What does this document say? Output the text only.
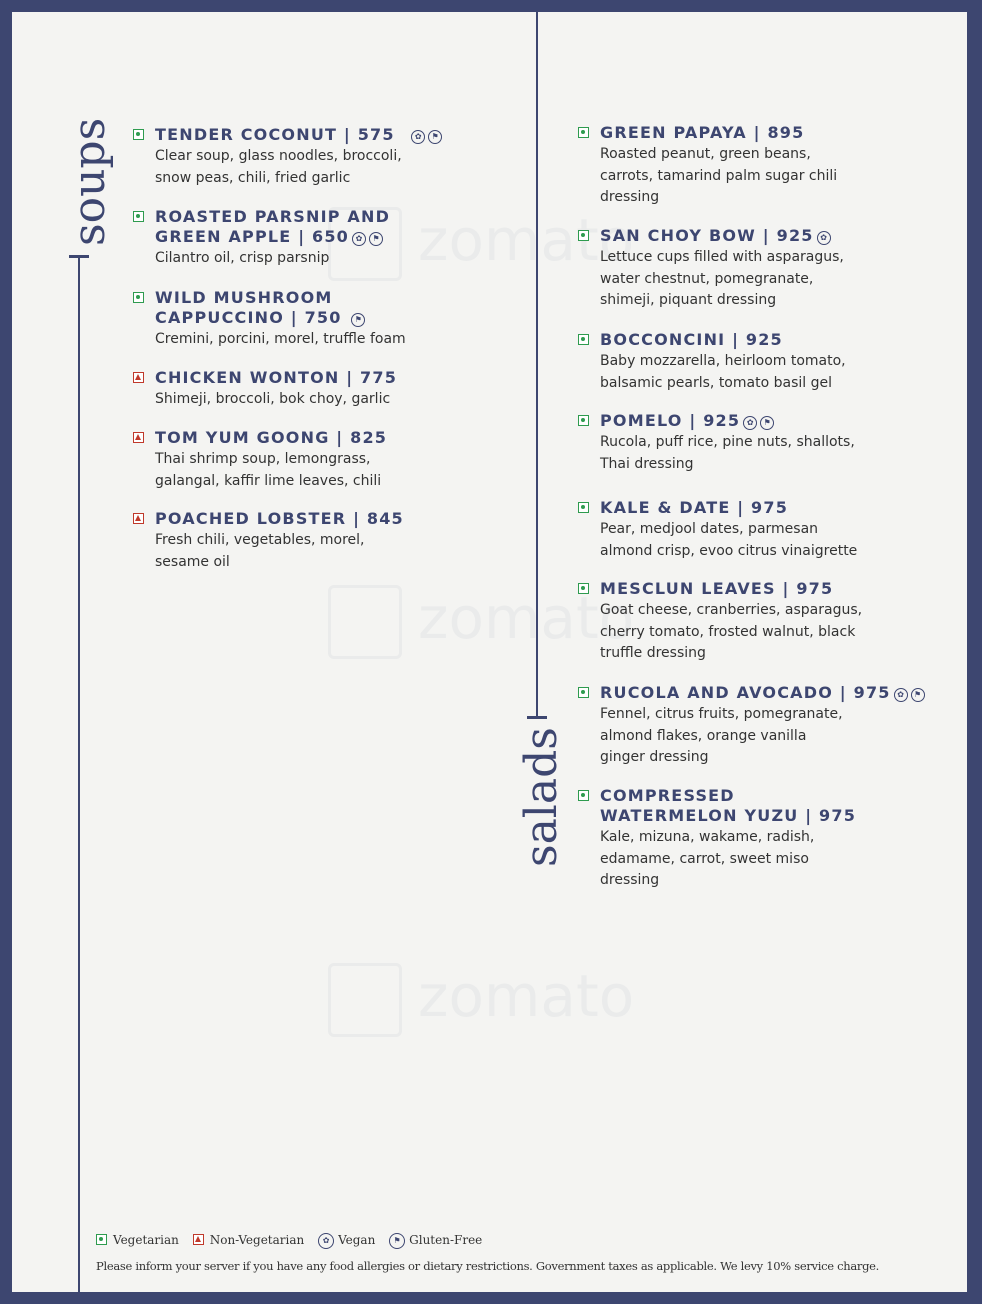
zomato
zomato
zomato
soups
salads
TENDER COCONUT | 575	✿ ⚑
Clear soup, glass noodles, broccoli,
snow peas, chili, fried garlic
ROASTED PARSNIP AND
GREEN APPLE | 650 ✿ ⚑
Cilantro oil, crisp parsnip
WILD MUSHROOM
CAPPUCCINO | 750 ⚑
Cremini, porcini, morel, truffle foam
CHICKEN WONTON | 775
Shimeji, broccoli, bok choy, garlic
TOM YUM GOONG | 825
Thai shrimp soup, lemongrass,
galangal, kaffir lime leaves, chili
POACHED LOBSTER | 845
Fresh chili, vegetables, morel,
sesame oil
GREEN PAPAYA | 895
Roasted peanut, green beans,
carrots, tamarind palm sugar chili
dressing
SAN CHOY BOW | 925 ✿
Lettuce cups filled with asparagus,
water chestnut, pomegranate,
shimeji, piquant dressing
BOCCONCINI | 925
Baby mozzarella, heirloom tomato,
balsamic pearls, tomato basil gel
POMELO | 925 ✿ ⚑
Rucola, puff rice, pine nuts, shallots,
Thai dressing
KALE & DATE | 975
Pear, medjool dates, parmesan
almond crisp, evoo citrus vinaigrette
MESCLUN LEAVES | 975
Goat cheese, cranberries, asparagus,
cherry tomato, frosted walnut, black
truffle dressing
RUCOLA AND AVOCADO | 975 ✿ ⚑
Fennel, citrus fruits, pomegranate,
almond flakes, orange vanilla
ginger dressing
COMPRESSED
WATERMELON YUZU | 975
Kale, mizuna, wakame, radish,
edamame, carrot, sweet miso
dressing
Vegetarian	Non-Vegetarian ✿ Vegan ⚑ Gluten-Free
Please inform your server if you have any food allergies or dietary restrictions. Government taxes as applicable. We levy 10% service charge.
